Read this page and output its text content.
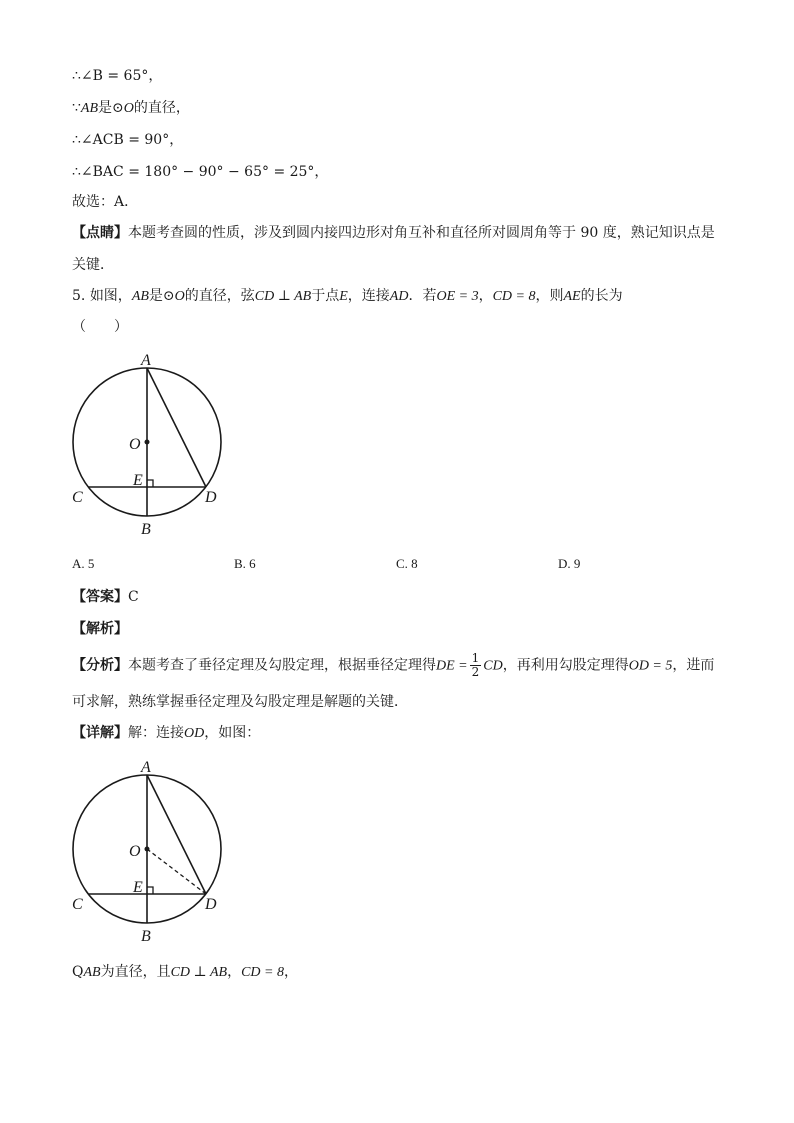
∴∠B = 65°，
∵AB是⊙O的直径，
∴∠ACB = 90°，
∴∠BAC = 180° − 90° − 65° = 25°，
故选：A．
【点睛】本题考查圆的性质，涉及到圆内接四边形对角互补和直径所对圆周角等于 90 度，熟记知识点是
关键．
5. 如图，AB是⊙O的直径，弦CD ⊥ AB于点E，连接AD．若OE = 3，CD = 8，则AE的长为
（　　）
A
O
E
C	D
B
A. 5	B. 6	C. 8	D. 9
【答案】C
【解析】
【分析】本题考查了垂径定理及勾股定理，根据垂径定理得DE = $\frac{1}{2}$ CD，再利用勾股定理得OD = 5，进而
可求解，熟练掌握垂径定理及勾股定理是解题的关键．
【详解】解：连接OD，如图：
A
O
E
C	D
B
QAB为直径，且CD ⊥ AB，CD = 8，
